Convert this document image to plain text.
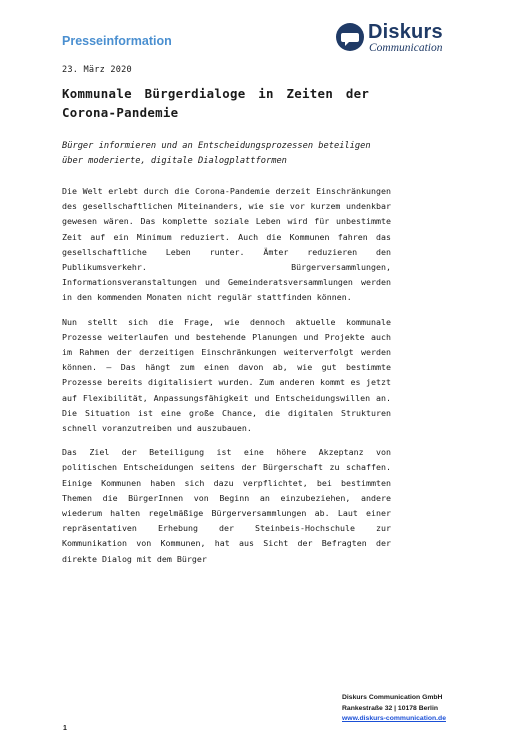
Presseinformation	Diskurs
Communication
23. März 2020
Kommunale Bürgerdialoge in Zeiten der Corona-Pandemie

Bürger informieren und an Entscheidungsprozessen beteiligen über moderierte, digitale Dialogplattformen

Die Welt erlebt durch die Corona-Pandemie derzeit Einschränkungen des gesellschaftlichen Miteinanders, wie sie vor kurzem undenkbar gewesen wären. Das komplette soziale Leben wird für unbestimmte Zeit auf ein Minimum reduziert. Auch die Kommunen fahren das gesellschaftliche Leben runter. Ämter reduzieren den Publikumsverkehr. Bürgerversammlungen, Informationsveranstaltungen und Gemeinderatsversammlungen werden in den kommenden Monaten nicht regulär stattfinden können.

Nun stellt sich die Frage, wie dennoch aktuelle kommunale Prozesse weiterlaufen und bestehende Planungen und Projekte auch im Rahmen der derzeitigen Einschränkungen weiterverfolgt werden können. – Das hängt zum einen davon ab, wie gut bestimmte Prozesse bereits digitalisiert wurden. Zum anderen kommt es jetzt auf Flexibilität, Anpassungsfähigkeit und Entscheidungswillen an. Die Situation ist eine große Chance, die digitalen Strukturen schnell voranzutreiben und auszubauen.

Das Ziel der Beteiligung ist eine höhere Akzeptanz von politischen Entscheidungen seitens der Bürgerschaft zu schaffen. Einige Kommunen haben sich dazu verpflichtet, bei bestimmten Themen die BürgerInnen von Beginn an einzubeziehen, andere wiederum halten regelmäßige Bürgerversammlungen ab. Laut einer repräsentativen Erhebung der Steinbeis-Hochschule zur Kommunikation von Kommunen, hat aus Sicht der Befragten der direkte Dialog mit dem Bürger

Diskurs Communication GmbH
Rankestraße 32 | 10178 Berlin
www.diskurs-communication.de
1
